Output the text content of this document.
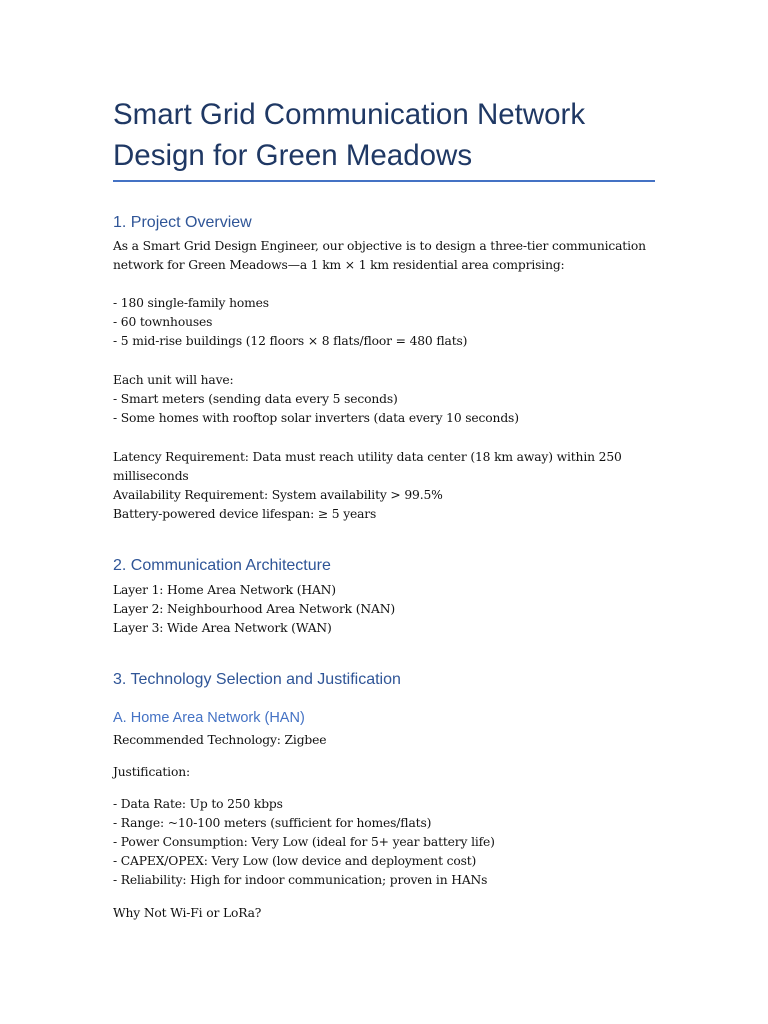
Smart Grid Communication Network Design for Green Meadows
1. Project Overview

As a Smart Grid Design Engineer, our objective is to design a three-tier communication

network for Green Meadows—a 1 km × 1 km residential area comprising:

- 180 single-family homes

- 60 townhouses

- 5 mid-rise buildings (12 floors × 8 flats/floor = 480 flats)

Each unit will have:

- Smart meters (sending data every 5 seconds)

- Some homes with rooftop solar inverters (data every 10 seconds)

Latency Requirement: Data must reach utility data center (18 km away) within 250

milliseconds

Availability Requirement: System availability > 99.5%

Battery-powered device lifespan: ≥ 5 years

2. Communication Architecture

Layer 1: Home Area Network (HAN)

Layer 2: Neighbourhood Area Network (NAN)

Layer 3: Wide Area Network (WAN)

3. Technology Selection and Justification
A. Home Area Network (HAN)

Recommended Technology: Zigbee

Justification:

- Data Rate: Up to 250 kbps

- Range: ~10-100 meters (sufficient for homes/flats)

- Power Consumption: Very Low (ideal for 5+ year battery life)

- CAPEX/OPEX: Very Low (low device and deployment cost)

- Reliability: High for indoor communication; proven in HANs

Why Not Wi-Fi or LoRa?
